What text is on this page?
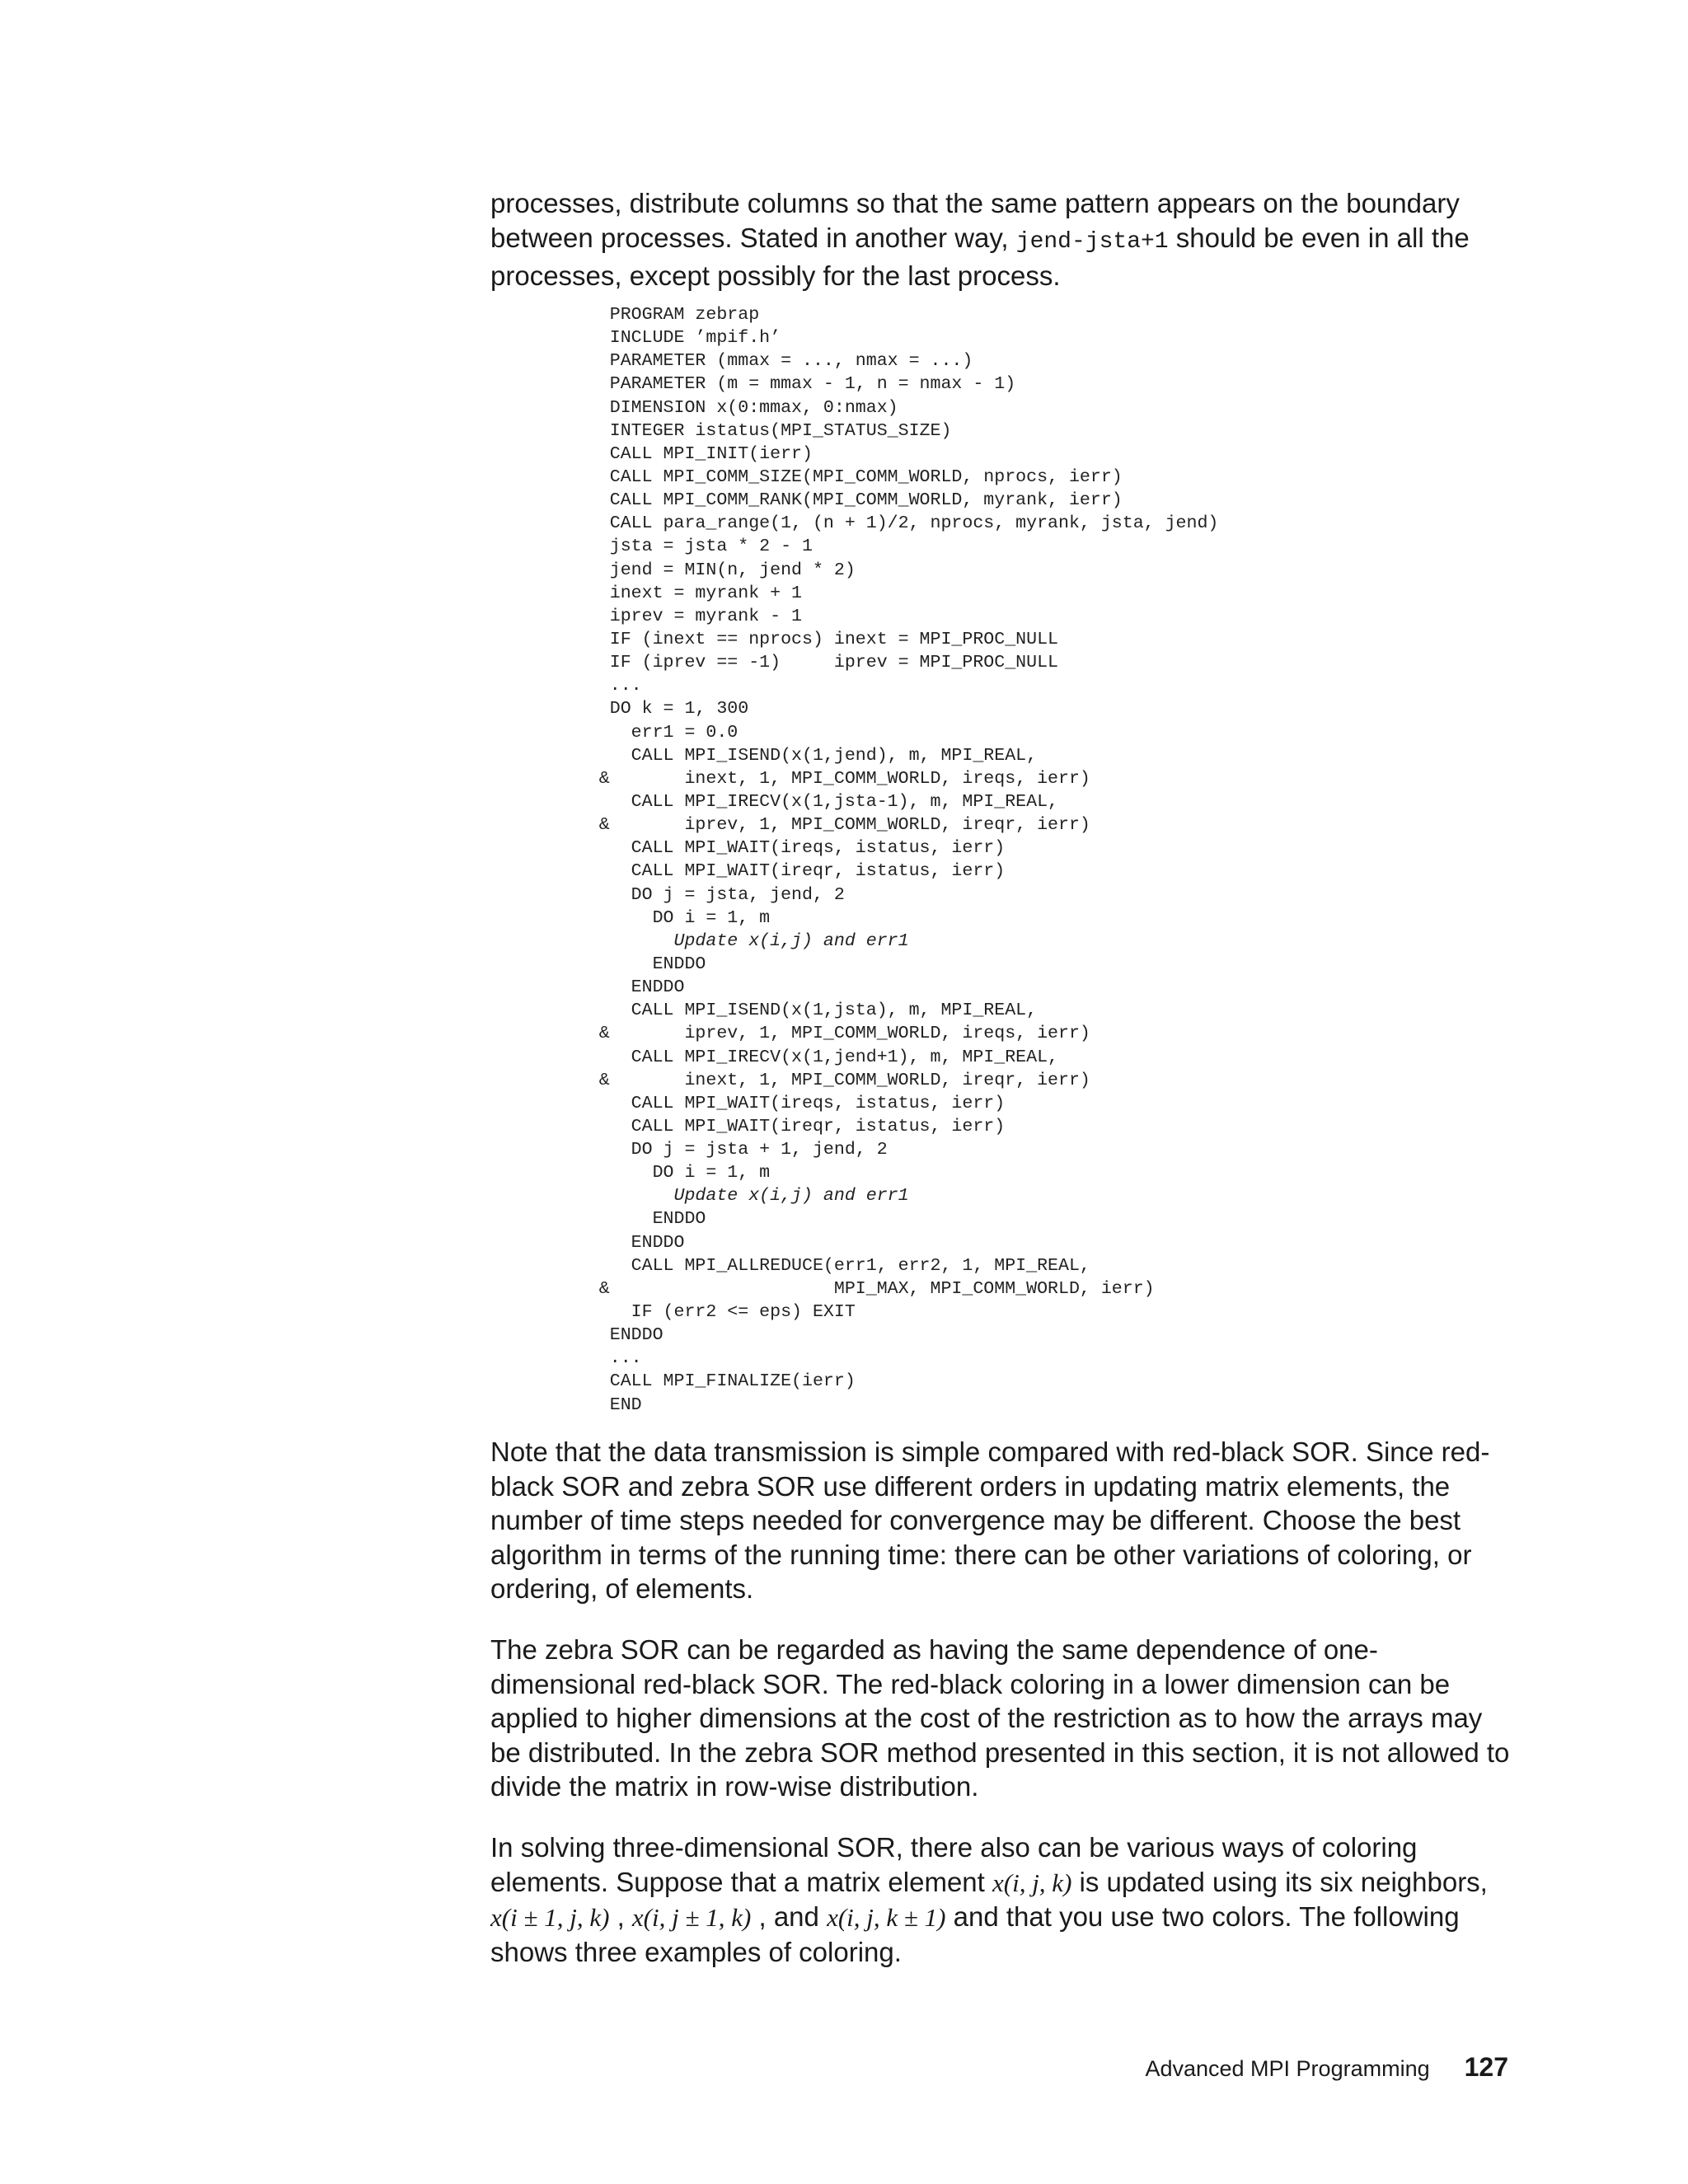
processes, distribute columns so that the same pattern appears on the boundary between processes. Stated in another way, jend-jsta+1 should be even in all the processes, except possibly for the last process.

PROGRAM zebrap
INCLUDE ’mpif.h’
PARAMETER (mmax = ..., nmax = ...)
PARAMETER (m = mmax - 1, n = nmax - 1)
DIMENSION x(0:mmax, 0:nmax)
INTEGER istatus(MPI_STATUS_SIZE)
CALL MPI_INIT(ierr)
CALL MPI_COMM_SIZE(MPI_COMM_WORLD, nprocs, ierr)
CALL MPI_COMM_RANK(MPI_COMM_WORLD, myrank, ierr)
CALL para_range(1, (n + 1)/2, nprocs, myrank, jsta, jend)
jsta = jsta * 2 - 1
jend = MIN(n, jend * 2)
inext = myrank + 1
iprev = myrank - 1
IF (inext == nprocs) inext = MPI_PROC_NULL
IF (iprev == -1)     iprev = MPI_PROC_NULL
...
DO k = 1, 300
err1 = 0.0
CALL MPI_ISEND(x(1,jend), m, MPI_REAL,
&       inext, 1, MPI_COMM_WORLD, ireqs, ierr)
CALL MPI_IRECV(x(1,jsta-1), m, MPI_REAL,
&       iprev, 1, MPI_COMM_WORLD, ireqr, ierr)
CALL MPI_WAIT(ireqs, istatus, ierr)
CALL MPI_WAIT(ireqr, istatus, ierr)
DO j = jsta, jend, 2
DO i = 1, m
Update x(i,j) and err1
ENDDO
ENDDO
CALL MPI_ISEND(x(1,jsta), m, MPI_REAL,
&       iprev, 1, MPI_COMM_WORLD, ireqs, ierr)
CALL MPI_IRECV(x(1,jend+1), m, MPI_REAL,
&       inext, 1, MPI_COMM_WORLD, ireqr, ierr)
CALL MPI_WAIT(ireqs, istatus, ierr)
CALL MPI_WAIT(ireqr, istatus, ierr)
DO j = jsta + 1, jend, 2
DO i = 1, m
Update x(i,j) and err1
ENDDO
ENDDO
CALL MPI_ALLREDUCE(err1, err2, 1, MPI_REAL,
&                     MPI_MAX, MPI_COMM_WORLD, ierr)
IF (err2 <= eps) EXIT
ENDDO
...
CALL MPI_FINALIZE(ierr)
END

Note that the data transmission is simple compared with red-black SOR. Since red-black SOR and zebra SOR use different orders in updating matrix elements, the number of time steps needed for convergence may be different. Choose the best algorithm in terms of the running time: there can be other variations of coloring, or ordering, of elements.

The zebra SOR can be regarded as having the same dependence of one-dimensional red-black SOR. The red-black coloring in a lower dimension can be applied to higher dimensions at the cost of the restriction as to how the arrays may be distributed. In the zebra SOR method presented in this section, it is not allowed to divide the matrix in row-wise distribution.

In solving three-dimensional SOR, there also can be various ways of coloring elements. Suppose that a matrix element x(i, j, k) is updated using its six neighbors, x(i ± 1, j, k) , x(i, j ± 1, k) , and x(i, j, k ± 1) and that you use two colors. The following shows three examples of coloring.

Advanced MPI Programming 127
